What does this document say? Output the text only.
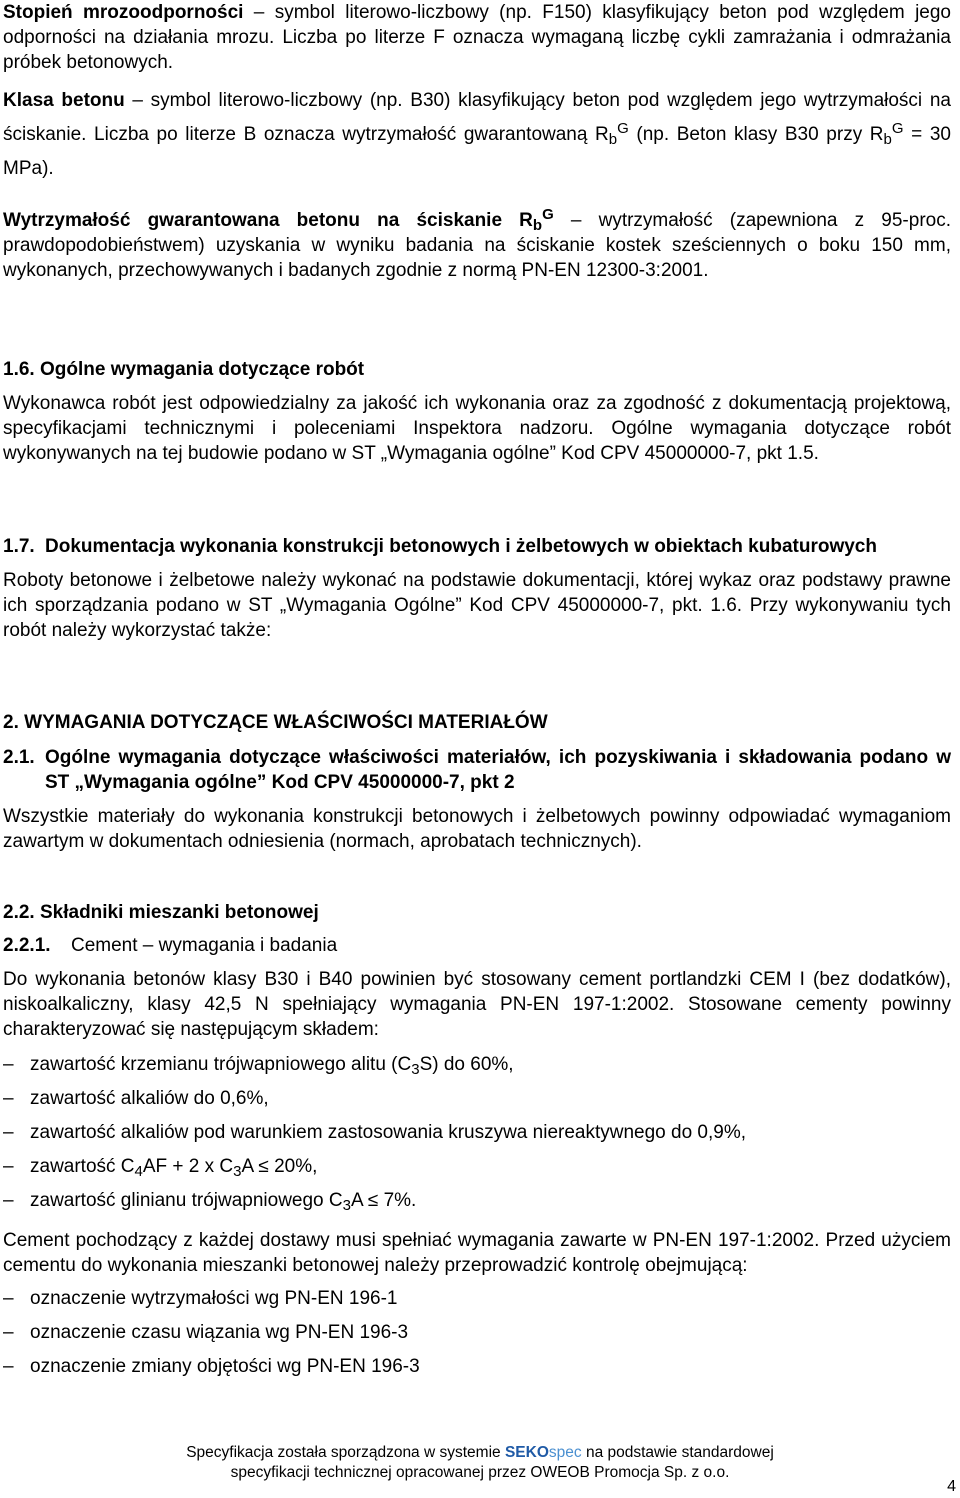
Stopień mrozoodporności – symbol literowo-liczbowy (np. F150) klasyfikujący beton pod względem jego odporności na działania mrozu. Liczba po literze F oznacza wymaganą liczbę cykli zamrażania i odmrażania próbek betonowych.

Klasa betonu – symbol literowo-liczbowy (np. B30) klasyfikujący beton pod względem jego wytrzymałości na ściskanie. Liczba po literze B oznacza wytrzymałość gwarantowaną $R_b^G$ (np. Beton klasy B30 przy $R_b^G = 30$ MPa).

Wytrzymałość gwarantowana betonu na ściskanie $R_b^G$ – wytrzymałość (zapewniona z 95-proc. prawdopodobieństwem) uzyskania w wyniku badania na ściskanie kostek sześciennych o boku 150 mm, wykonanych, przechowywanych i badanych zgodnie z normą PN-EN 12300-3:2001.

1.6. Ogólne wymagania dotyczące robót

Wykonawca robót jest odpowiedzialny za jakość ich wykonania oraz za zgodność z dokumentacją projektową, specyfikacjami technicznymi i poleceniami Inspektora nadzoru. Ogólne wymagania dotyczące robót wykonywanych na tej budowie podano w ST „Wymagania ogólne” Kod CPV 45000000-7, pkt 1.5.

1.7. Dokumentacja wykonania konstrukcji betonowych i żelbetowych w obiektach kubaturowych

Roboty betonowe i żelbetowe należy wykonać na podstawie dokumentacji, której wykaz oraz podstawy prawne ich sporządzania podano w ST „Wymagania Ogólne” Kod CPV 45000000-7, pkt. 1.6. Przy wykonywaniu tych robót należy wykorzystać także:

2. WYMAGANIA DOTYCZĄCE WŁAŚCIWOŚCI MATERIAŁÓW

2.1. Ogólne wymagania dotyczące właściwości materiałów, ich pozyskiwania i składowania podano w ST „Wymagania ogólne” Kod CPV 45000000-7, pkt 2

Wszystkie materiały do wykonania konstrukcji betonowych i żelbetowych powinny odpowiadać wymaganiom zawartym w dokumentach odniesienia (normach, aprobatach technicznych).

2.2. Składniki mieszanki betonowej

2.2.1. Cement – wymagania i badania

Do wykonania betonów klasy B30 i B40 powinien być stosowany cement portlandzki CEM I (bez dodatków), niskoalkaliczny, klasy 42,5 N spełniający wymagania PN-EN 197-1:2002. Stosowane cementy powinny charakteryzować się następującym składem:

– zawartość krzemianu trójwapniowego alitu $(C_3S)$ do 60%,
– zawartość alkaliów do 0,6%,
– zawartość alkaliów pod warunkiem zastosowania kruszywa niereaktywnego do 0,9%,
– zawartość $C_4AF + 2$ x $C_3A \le 20\%$,
– zawartość glinianu trójwapniowego $C_3A \le 7\%$.

Cement pochodzący z każdej dostawy musi spełniać wymagania zawarte w PN-EN 197-1:2002. Przed użyciem cementu do wykonania mieszanki betonowej należy przeprowadzić kontrolę obejmującą:

– oznaczenie wytrzymałości wg PN-EN 196-1
– oznaczenie czasu wiązania wg PN-EN 196-3
– oznaczenie zmiany objętości wg PN-EN 196-3
Specyfikacja została sporządzona w systemie SEKOspec na podstawie standardowej
specyfikacji technicznej opracowanej przez OWEOB Promocja Sp. z o.o.
4
